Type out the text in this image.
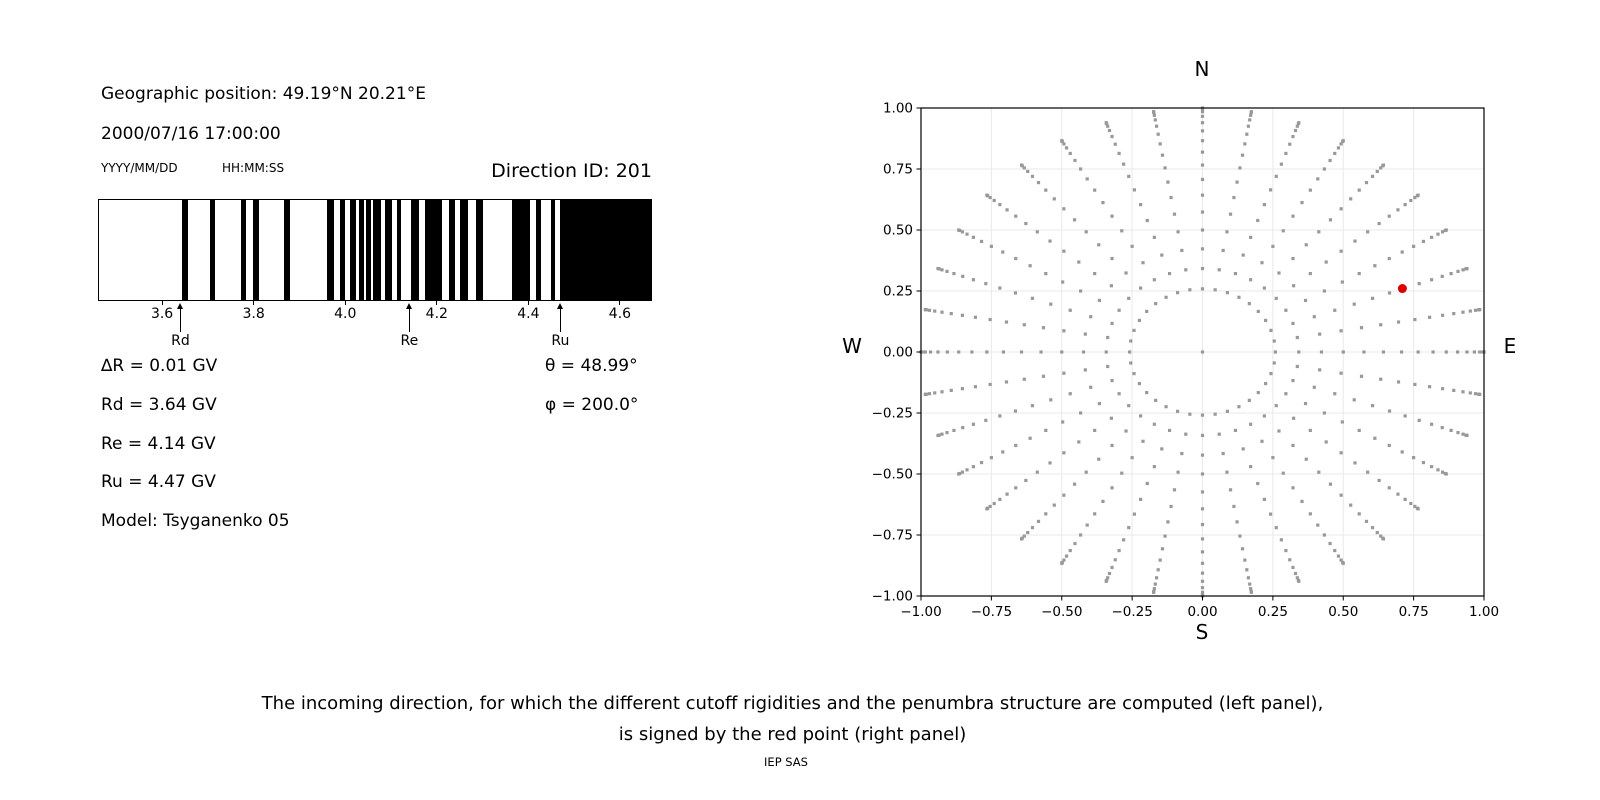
Geographic position: 49.19°N 20.21°E
2000/07/16 17:00:00
YYYY/MM/DD	HH:MM:SS	Direction ID: 201
3.6	3.8	4.0	4.2	4.4	4.6
Rd	Re	Ru
∆R = 0.01 GV
Rd = 3.64 GV
Re = 4.14 GV
Ru = 4.47 GV
Model: Tsyganenko 05
θ = 48.99°
φ = 200.0°
−1.00 −0.75 −0.50 −0.25	0.00	0.25	0.50	0.75	1.00
1.00
0.75
0.50
0.25
0.00
−0.25
−0.50
−0.75
−1.00
N
S
W	E
The incoming direction, for which the different cutoff rigidities and the penumbra structure are computed (left panel),
is signed by the red point (right panel)
IEP SAS
